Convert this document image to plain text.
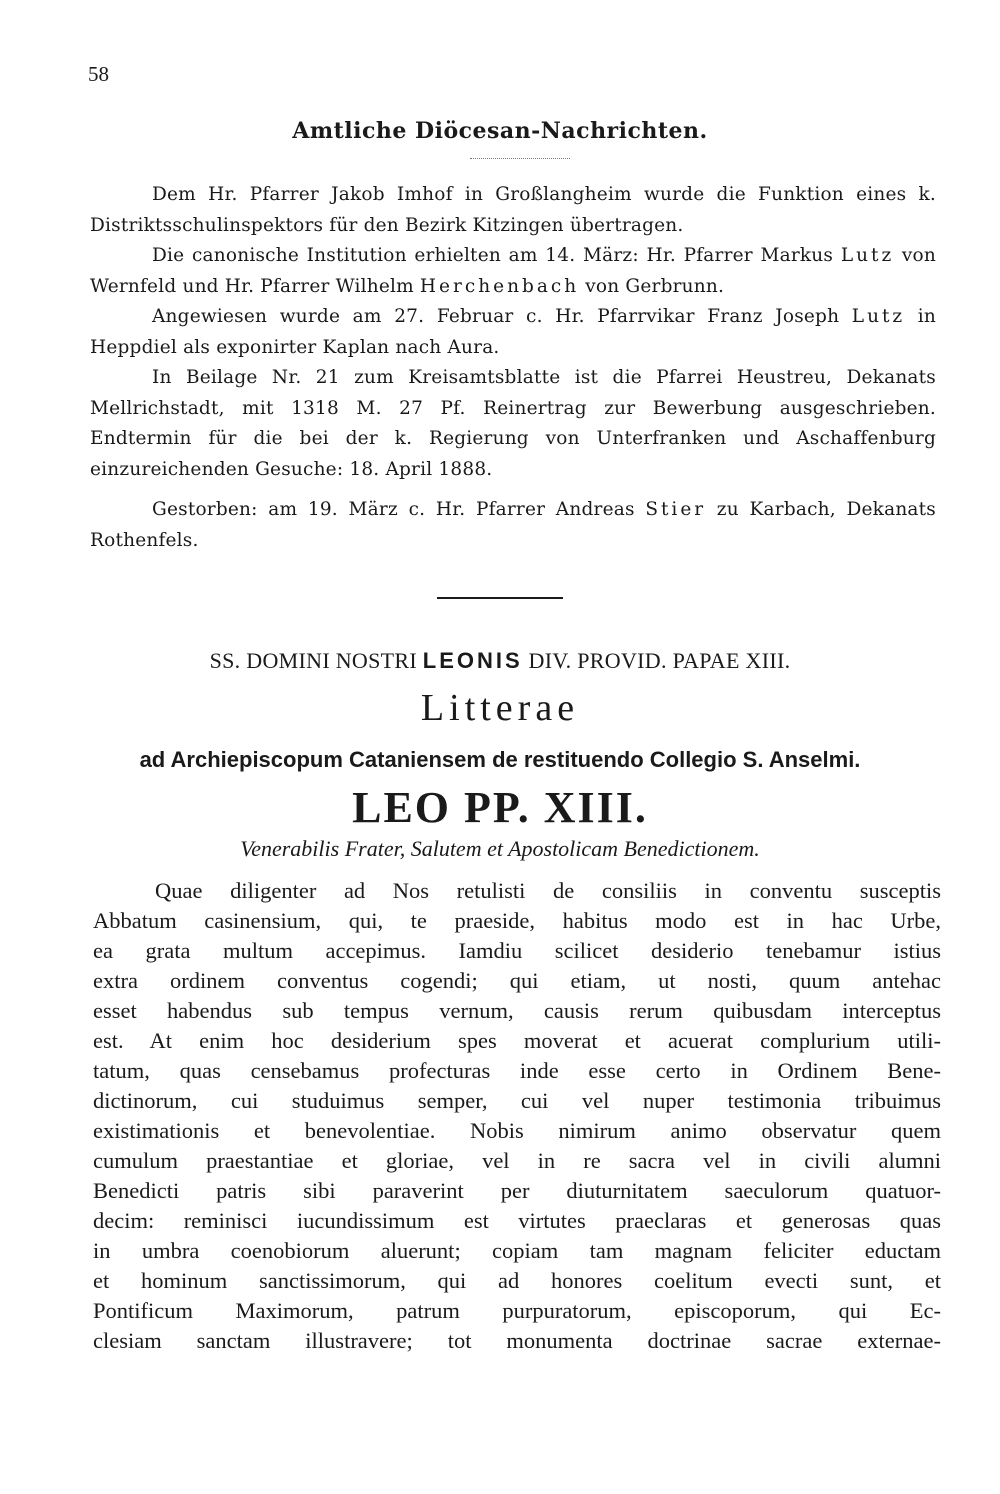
58
Amtliche Diöcesan-Nachrichten.

Dem Hr. Pfarrer Jakob Imhof in Großlangheim wurde die Funktion eines k. Distriktsschulinspektors für den Bezirk Kitzingen übertragen.

Die canonische Institution erhielten am 14. März: Hr. Pfarrer Markus Lutz von Wernfeld und Hr. Pfarrer Wilhelm Herchenbach von Gerbrunn.

Angewiesen wurde am 27. Februar c. Hr. Pfarrvikar Franz Joseph Lutz in Heppdiel als exponirter Kaplan nach Aura.

In Beilage Nr. 21 zum Kreisamtsblatte ist die Pfarrei Heustreu, Dekanats Mellrichstadt, mit 1318 M. 27 Pf. Reinertrag zur Bewerbung ausgeschrieben. Endtermin für die bei der k. Regierung von Unterfranken und Aschaffenburg einzureichenden Gesuche: 18. April 1888.

Gestorben: am 19. März c. Hr. Pfarrer Andreas Stier zu Karbach, Dekanats Rothenfels.

SS. DOMINI NOSTRI LEONIS DIV. PROVID. PAPAE XIII.
Litterae
ad Archiepiscopum Cataniensem de restituendo Collegio S. Anselmi.
LEO PP. XIII.
Venerabilis Frater, Salutem et Apostolicam Benedictionem.
Quae diligenter ad Nos retulisti de consiliis in conventu susceptis
Abbatum casinensium, qui, te praeside, habitus modo est in hac Urbe,
ea grata multum accepimus. Iamdiu scilicet desiderio tenebamur istius
extra ordinem conventus cogendi; qui etiam, ut nosti, quum antehac
esset habendus sub tempus vernum, causis rerum quibusdam interceptus
est. At enim hoc desiderium spes moverat et acuerat complurium utili-
tatum, quas censebamus profecturas inde esse certo in Ordinem Bene-
dictinorum, cui studuimus semper, cui vel nuper testimonia tribuimus
existimationis et benevolentiae. Nobis nimirum animo observatur quem
cumulum praestantiae et gloriae, vel in re sacra vel in civili alumni
Benedicti patris sibi paraverint per diuturnitatem saeculorum quatuor-
decim: reminisci iucundissimum est virtutes praeclaras et generosas quas
in umbra coenobiorum aluerunt; copiam tam magnam feliciter eductam
et hominum sanctissimorum, qui ad honores coelitum evecti sunt, et
Pontificum Maximorum, patrum purpuratorum, episcoporum, qui Ec-
clesiam sanctam illustravere; tot monumenta doctrinae sacrae externae-
